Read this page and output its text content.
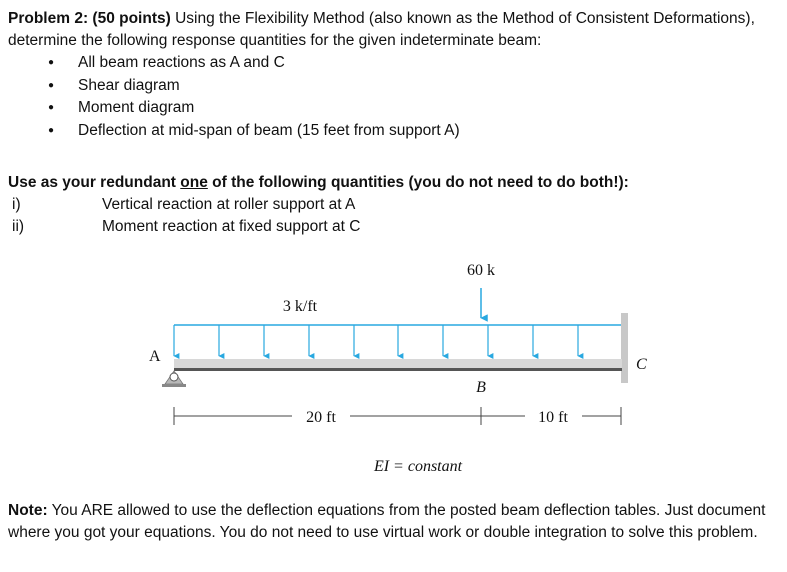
Problem 2: (50 points) Using the Flexibility Method (also known as the Method of Consistent Deformations), determine the following response quantities for the given indeterminate beam:
● All beam reactions as A and C
● Shear diagram
● Moment diagram
● Deflection at mid-span of beam (15 feet from support A)
Use as your redundant one of the following quantities (you do not need to do both!):
i)	Vertical reaction at roller support at A
ii)	Moment reaction at fixed support at C
60 k
3 k/ft
A	C
B
20 ft	10 ft
EI = constant
Note: You ARE allowed to use the deflection equations from the posted beam deflection tables. Just document where you got your equations. You do not need to use virtual work or double integration to solve this problem.
